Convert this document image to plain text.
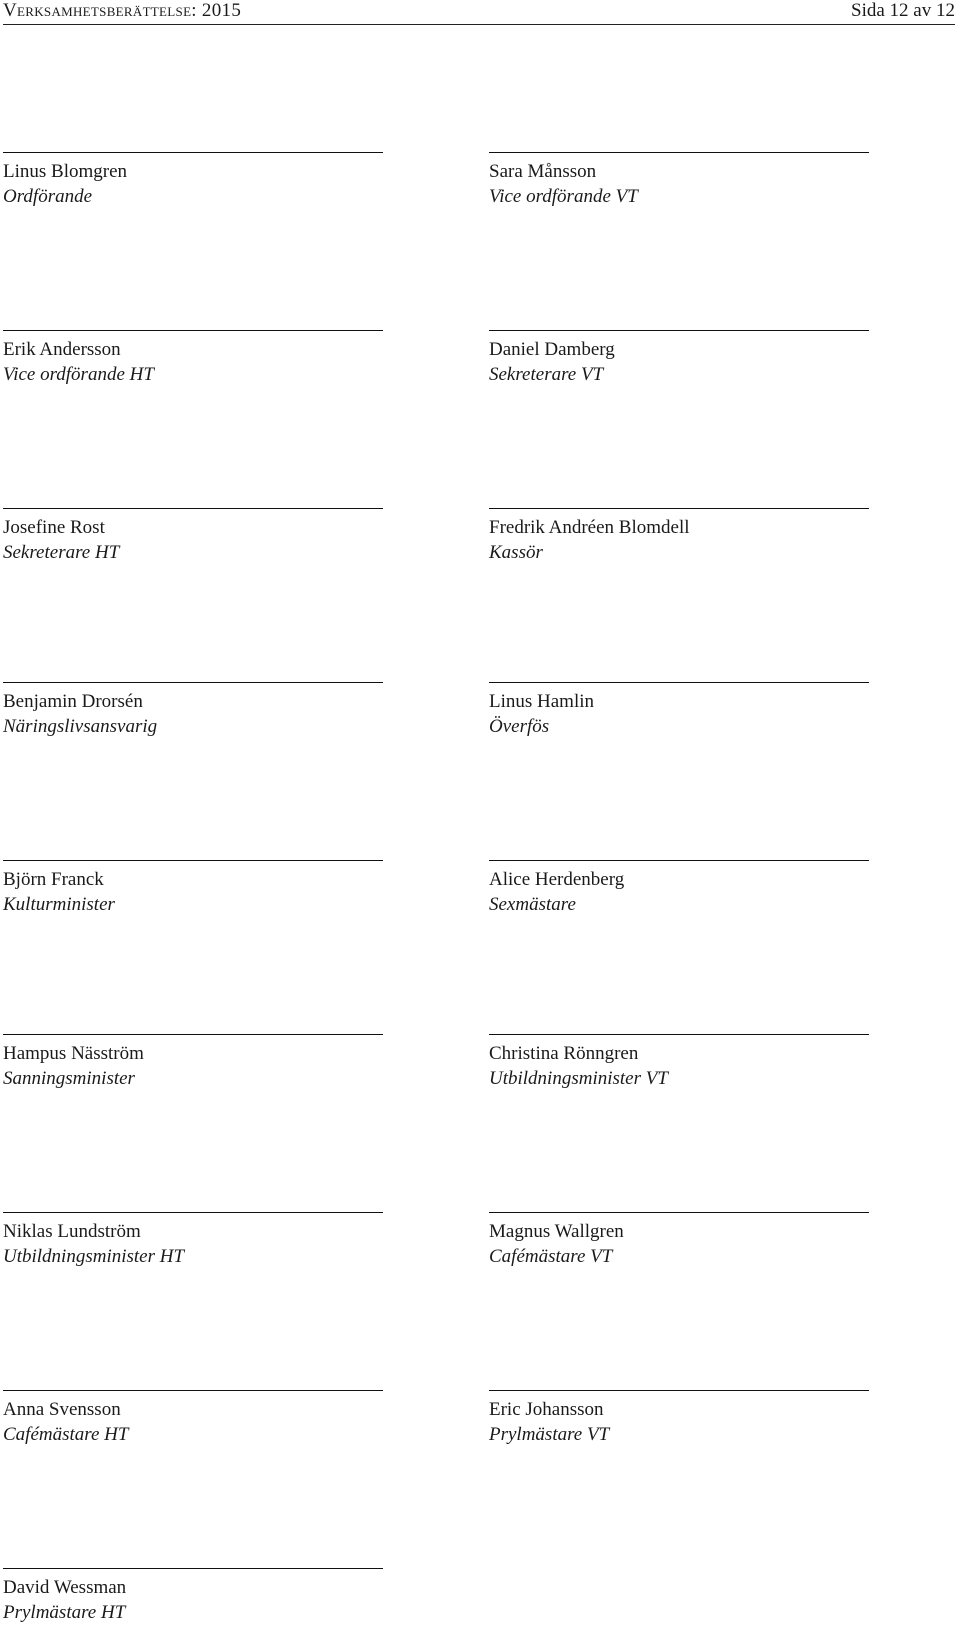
Verksamhetsberättelse: 2015	Sida 12 av 12
Linus Blomgren
Ordförande
Sara Månsson
Vice ordförande VT
Erik Andersson
Vice ordförande HT
Daniel Damberg
Sekreterare VT
Josefine Rost
Sekreterare HT
Fredrik Andréen Blomdell
Kassör
Benjamin Drorsén
Näringslivsansvarig
Linus Hamlin
Överfös
Björn Franck
Kulturminister
Alice Herdenberg
Sexmästare
Hampus Näsström
Sanningsminister
Christina Rönngren
Utbildningsminister VT
Niklas Lundström
Utbildningsminister HT
Magnus Wallgren
Cafémästare VT
Anna Svensson
Cafémästare HT
Eric Johansson
Prylmästare VT
David Wessman
Prylmästare HT
